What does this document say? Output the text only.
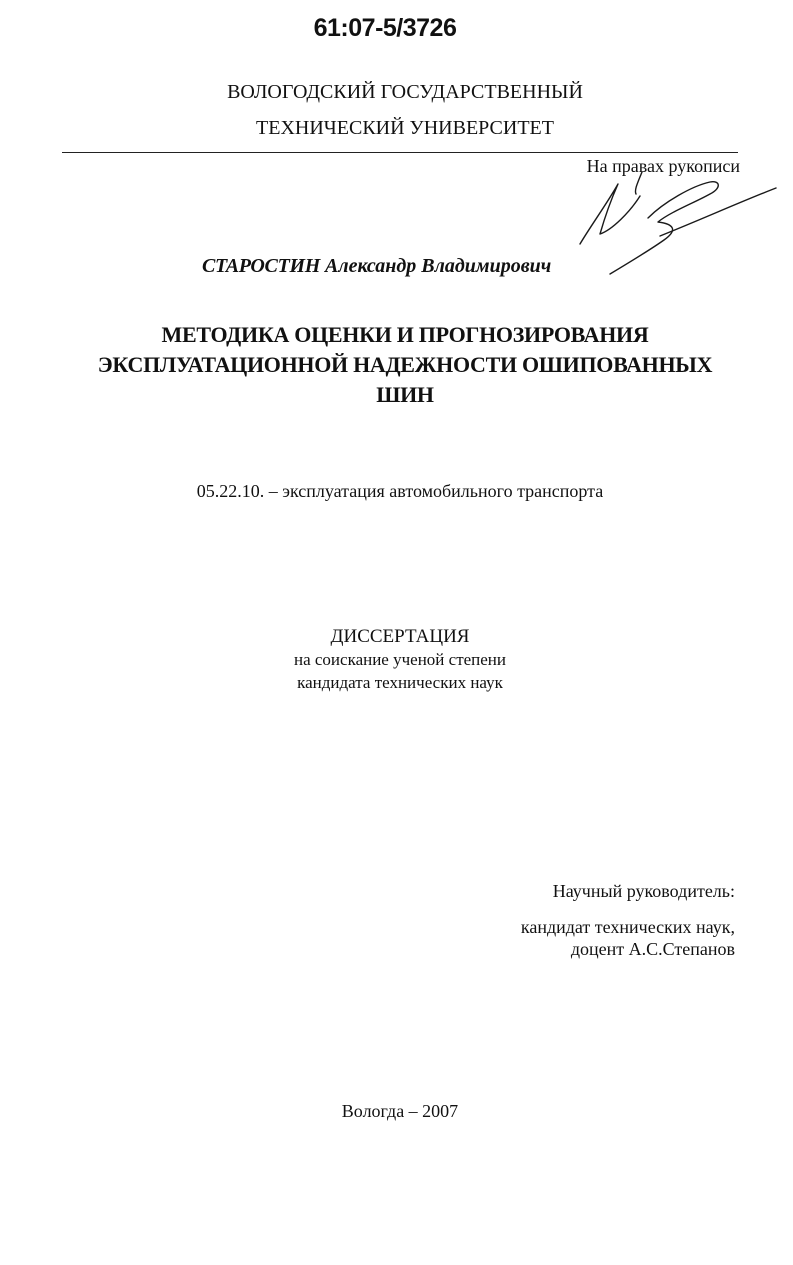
61:07-5/3726
ВОЛОГОДСКИЙ ГОСУДАРСТВЕННЫЙ
ТЕХНИЧЕСКИЙ УНИВЕРСИТЕТ
На правах рукописи
СТАРОСТИН Александр Владимирович
МЕТОДИКА ОЦЕНКИ И ПРОГНОЗИРОВАНИЯ
ЭКСПЛУАТАЦИОННОЙ НАДЕЖНОСТИ ОШИПОВАННЫХ
ШИН
05.22.10. – эксплуатация автомобильного транспорта
ДИССЕРТАЦИЯ
на соискание ученой степени
кандидата технических наук
Научный руководитель:
кандидат технических наук,
доцент А.С.Степанов
Вологда – 2007
